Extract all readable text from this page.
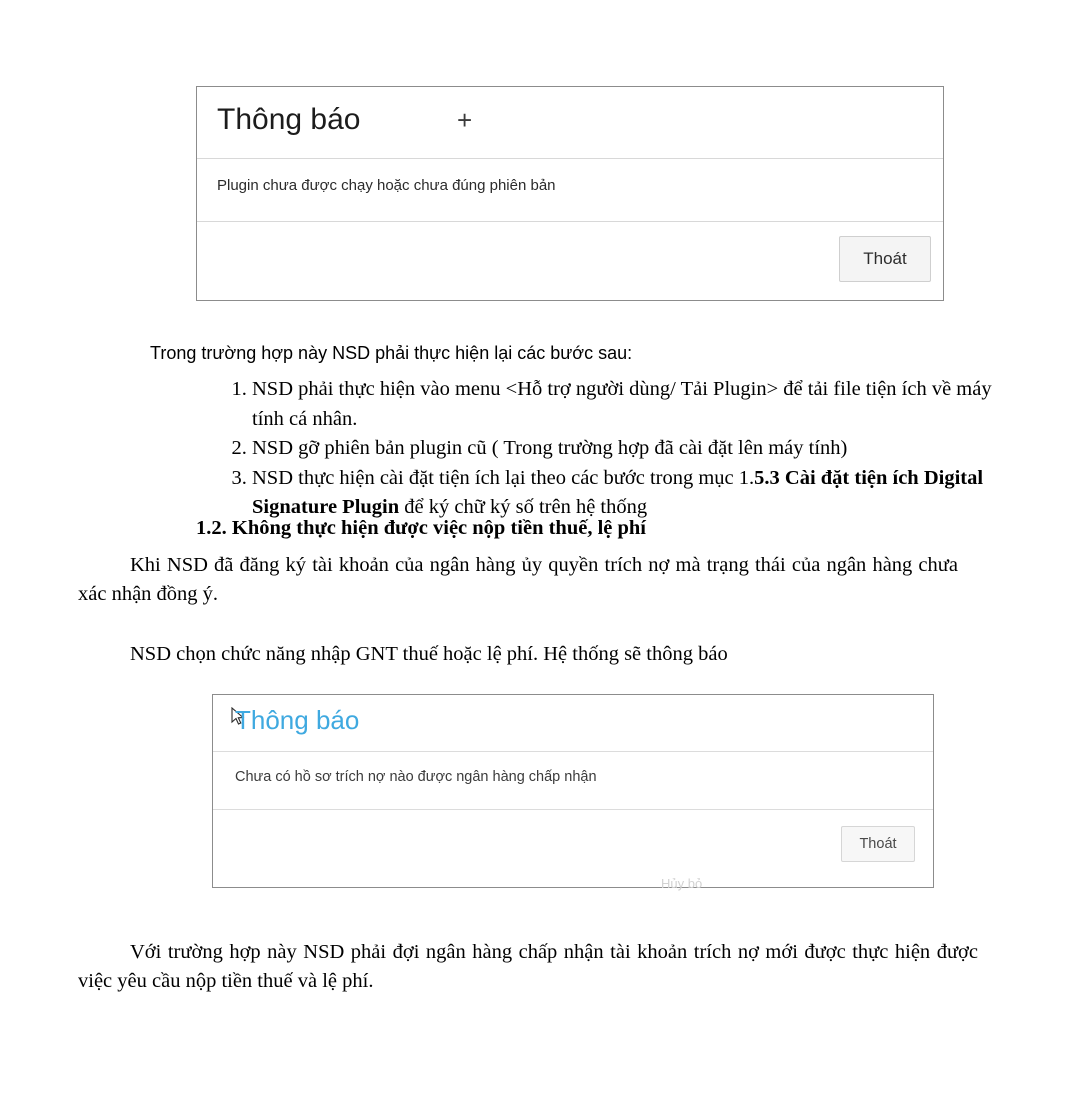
Thông báo	+
Plugin chưa được chạy hoặc chưa đúng phiên bản
Thoát
Trong trường hợp này NSD phải thực hiện lại các bước sau:
1. NSD phải thực hiện vào menu <Hỗ trợ người dùng/ Tải Plugin> để tải file tiện ích về máy tính cá nhân.
2. NSD gỡ phiên bản plugin cũ ( Trong trường hợp đã cài đặt lên máy tính)
3. NSD thực hiện cài đặt tiện ích lại theo các bước trong mục 1.5.3 Cài đặt tiện ích Digital Signature Plugin để ký chữ ký số trên hệ thống
1.2. Không thực hiện được việc nộp tiền thuế, lệ phí
Khi NSD đã đăng ký tài khoản của ngân hàng ủy quyền trích nợ mà trạng thái của ngân hàng chưa xác nhận đồng ý.
NSD chọn chức năng nhập GNT thuế hoặc lệ phí. Hệ thống sẽ thông báo
Thông báo
Chưa có hồ sơ trích nợ nào được ngân hàng chấp nhận
Thoát
Hủy bỏ
Với trường hợp này NSD phải đợi ngân hàng chấp nhận tài khoản trích nợ mới được thực hiện được việc yêu cầu nộp tiền thuế và lệ phí.
